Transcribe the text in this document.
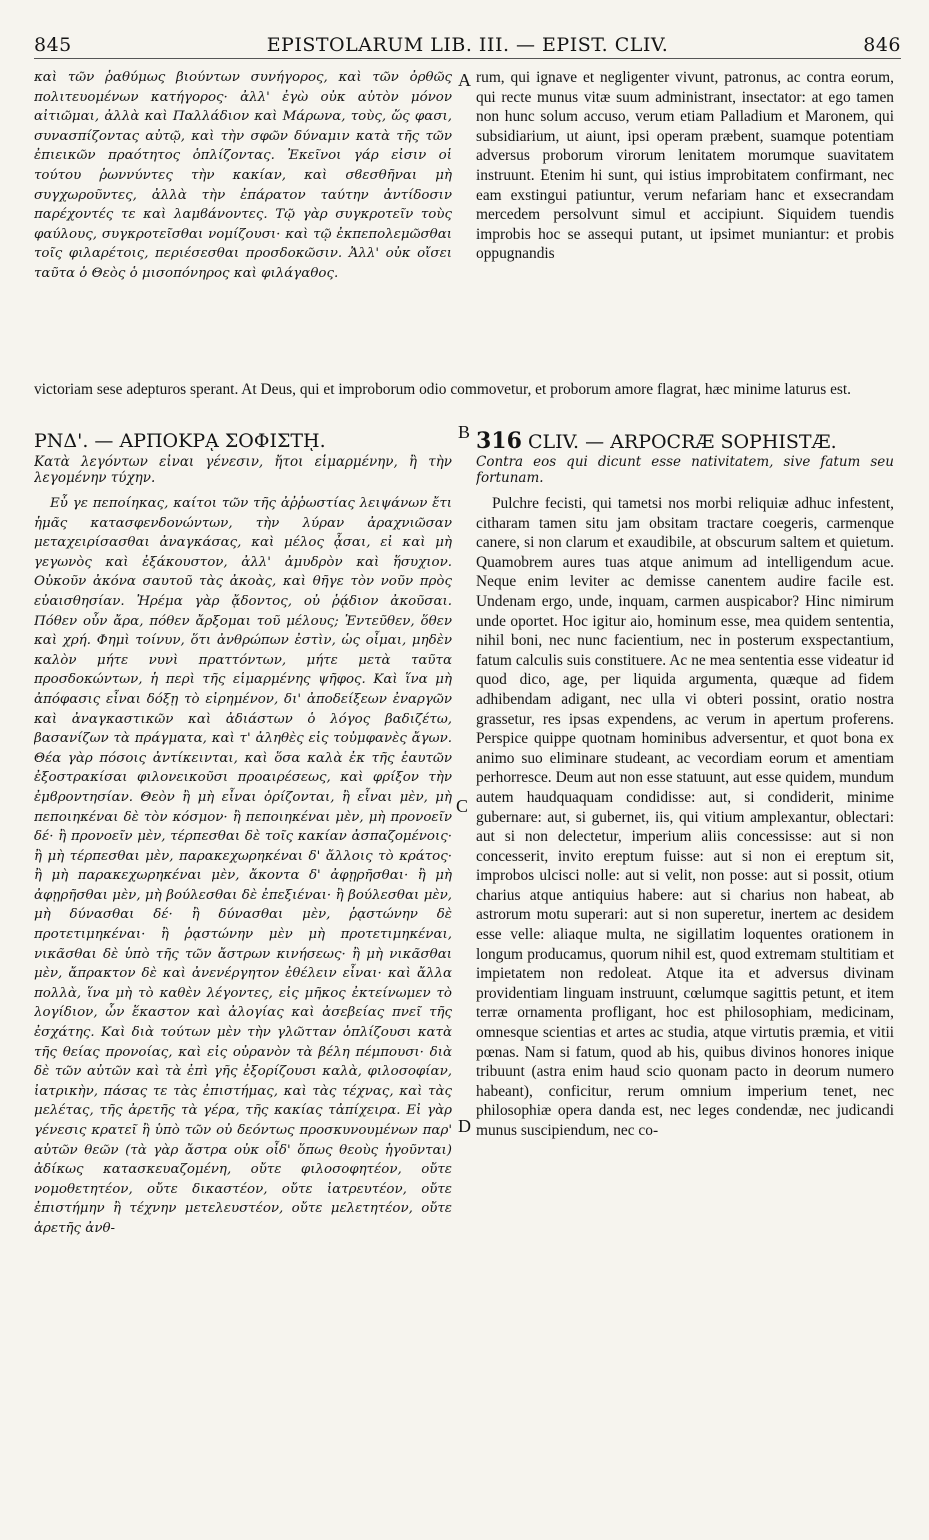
845	EPISTOLARUM LIB. III. — EPIST. CLIV.	846

καὶ τῶν ῥαθύμως βιούντων συνήγορος, καὶ τῶν ὀρθῶς πολιτευομένων κατήγορος· ἀλλ' ἐγὼ οὐκ αὐτὸν μόνον αἰτιῶμαι, ἀλλὰ καὶ Παλλάδιον καὶ Μάρωνα, τοὺς, ὥς φασι, συνασπίζοντας αὐτῷ, καὶ τὴν σφῶν δύναμιν κατὰ τῆς τῶν ἐπιεικῶν πραότητος ὁπλίζοντας. Ἐκεῖνοι γάρ εἰσιν οἱ τούτου ῥωννύντες τὴν κακίαν, καὶ σϐεσθῆναι μὴ συγχωροῦντες, ἀλλὰ τὴν ἐπάρατον ταύτην ἀντίδοσιν παρέχοντές τε καὶ λαμϐάνοντες. Τῷ γὰρ συγκροτεῖν τοὺς φαύλους, συγκροτεῖσθαι νομίζουσι· καὶ τῷ ἐκπεπολεμῶσθαι τοῖς φιλαρέτοις, περιέσεσθαι προσδοκῶσιν. Ἀλλ' οὐκ οἴσει ταῦτα ὁ Θεὸς ὁ μισοπόνηρος καὶ φιλάγαθος.

rum, qui ignave et negligenter vivunt, patronus, ac contra eorum, qui recte munus vitæ suum administrant, insectator: at ego tamen non hunc solum accuso, verum etiam Palladium et Maronem, qui subsidiarium, ut aiunt, ipsi operam præbent, suamque potentiam adversus proborum virorum lenitatem morumque suavitatem instruunt. Etenim hi sunt, qui istius improbitatem confirmant, nec eam exstingui patiuntur, verum nefariam hanc et exsecrandam mercedem persolvunt simul et accipiunt. Siquidem tuendis improbis hoc se assequi putant, ut ipsimet muniantur: et probis oppugnandis

victoriam sese adepturos sperant. At Deus, qui et improborum odio commovetur, et proborum amore flagrat, hæc minime laturus est.

ΡΝΔ'. — ΑΡΠΟΚΡᾼ ΣΟΦΙΣΤῌ.

Κατὰ λεγόντων εἶναι γένεσιν, ἤτοι εἱμαρμένην, ἢ τὴν λεγομένην τύχην.

316 CLIV. — ARPOCRÆ SOPHISTÆ.

Contra eos qui dicunt esse nativitatem, sive fatum seu fortunam.

Εὖ γε πεποίηκας, καίτοι τῶν τῆς ἀῤῥωστίας λειψάνων ἔτι ἡμᾶς κατασφενδονώντων, τὴν λύραν ἀραχνιῶσαν μεταχειρίσασθαι ἀναγκάσας, καὶ μέλος ᾆσαι, εἰ καὶ μὴ γεγωνὸς καὶ ἐξάκουστον, ἀλλ' ἀμυδρὸν καὶ ἥσυχιον. Οὐκοῦν ἀκόνα σαυτοῦ τὰς ἀκοὰς, καὶ θῆγε τὸν νοῦν πρὸς εὐαισθησίαν. Ἠρέμα γὰρ ᾄδοντος, οὐ ῥᾴδιον ἀκοῦσαι. Πόθεν οὖν ἄρα, πόθεν ἄρξομαι τοῦ μέλους; Ἐντεῦθεν, ὅθεν καὶ χρή. Φημὶ τοίνυν, ὅτι ἀνθρώπων ἐστὶν, ὡς οἶμαι, μηδὲν καλὸν μήτε νυνὶ πραττόντων, μήτε μετὰ ταῦτα προσδοκώντων, ἡ περὶ τῆς εἱμαρμένης ψῆφος. Καὶ ἵνα μὴ ἀπόφασις εἶναι δόξῃ τὸ εἰρημένον, δι' ἀποδείξεων ἐναργῶν καὶ ἀναγκαστικῶν καὶ ἀδιάστων ὁ λόγος βαδιζέτω, βασανίζων τὰ πράγματα, καὶ τ' ἀληθὲς εἰς τοὐμφανὲς ἄγων. Θέα γὰρ πόσοις ἀντίκεινται, καὶ ὅσα καλὰ ἐκ τῆς ἑαυτῶν ἐξοστρακίσαι φιλονεικοῦσι προαιρέσεως, καὶ φρίξον τὴν ἐμϐροντησίαν. Θεὸν ἢ μὴ εἶναι ὁρίζονται, ἢ εἶναι μὲν, μὴ πεποιηκέναι δὲ τὸν κόσμον· ἢ πεποιηκέναι μὲν, μὴ προνοεῖν δέ· ἢ προνοεῖν μὲν, τέρπεσθαι δὲ τοῖς κακίαν ἀσπαζομένοις· ἢ μὴ τέρπεσθαι μὲν, παρακεχωρηκέναι δ' ἄλλοις τὸ κράτος· ἢ μὴ παρακεχωρηκέναι μὲν, ἄκοντα δ' ἀφῃρῆσθαι· ἢ μὴ ἀφῃρῆσθαι μὲν, μὴ βούλεσθαι δὲ ἐπεξιέναι· ἢ βούλεσθαι μὲν, μὴ δύνασθαι δέ· ἢ δύνασθαι μὲν, ῥᾳστώνην δὲ προτετιμηκέναι· ἢ ῥᾳστώνην μὲν μὴ προτετιμηκέναι, νικᾶσθαι δὲ ὑπὸ τῆς τῶν ἄστρων κινήσεως· ἢ μὴ νικᾶσθαι μὲν, ἄπρακτον δὲ καὶ ἀνενέργητον ἐθέλειν εἶναι· καὶ ἄλλα πολλὰ, ἵνα μὴ τὸ καθὲν λέγοντες, εἰς μῆκος ἐκτείνωμεν τὸ λογίδιον, ὧν ἕκαστον καὶ ἀλογίας καὶ ἀσεβείας πνεῖ τῆς ἐσχάτης. Καὶ διὰ τούτων μὲν τὴν γλῶτταν ὁπλίζουσι κατὰ τῆς θείας προνοίας, καὶ εἰς οὐρανὸν τὰ βέλη πέμπουσι· διὰ δὲ τῶν αὐτῶν καὶ τὰ ἐπὶ γῆς ἐξορίζουσι καλὰ, φιλοσοφίαν, ἰατρικὴν, πάσας τε τὰς ἐπιστήμας, καὶ τὰς τέχνας, καὶ τὰς μελέτας, τῆς ἀρετῆς τὰ γέρα, τῆς κακίας τἀπίχειρα. Εἰ γὰρ γένεσις κρατεῖ ἢ ὑπὸ τῶν οὐ δεόντως προσκυνουμένων παρ' αὐτῶν θεῶν (τὰ γὰρ ἄστρα οὐκ οἶδ' ὅπως θεοὺς ἡγοῦνται) ἀδίκως κατασκευαζομένη, οὔτε φιλοσοφητέον, οὔτε νομοθετητέον, οὔτε δικαστέον, οὔτε ἰατρευτέον, οὔτε ἐπιστήμην ἢ τέχνην μετελευστέον, οὔτε μελετητέον, οὔτε ἀρετῆς ἀνθ-

Pulchre fecisti, qui tametsi nos morbi reliquiæ adhuc infestent, citharam tamen situ jam obsitam tractare coegeris, carmenque canere, si non clarum et exaudibile, at obscurum saltem et quietum. Quamobrem aures tuas atque animum ad intelligendum acue. Neque enim leviter ac demisse canentem audire facile est. Undenam ergo, unde, inquam, carmen auspicabor? Hinc nimirum unde oportet. Hoc igitur aio, hominum esse, mea quidem sententia, nihil boni, nec nunc facientium, nec in posterum exspectantium, fatum calculis suis constituere. Ac ne mea sententia esse videatur id quod dico, age, per liquida argumenta, quæque ad fidem adhibendam adigant, nec ulla vi obteri possint, oratio nostra grassetur, res ipsas expendens, ac verum in apertum proferens. Perspice quippe quotnam hominibus adversentur, et quot bona ex animo suo eliminare studeant, ac vecordiam eorum et amentiam perhorresce. Deum aut non esse statuunt, aut esse quidem, mundum autem haudquaquam condidisse: aut, si condiderit, minime gubernare: aut, si gubernet, iis, qui vitium amplexantur, oblectari: aut si non delectetur, imperium aliis concessisse: aut si non concesserit, invito ereptum fuisse: aut si non ei ereptum sit, improbos ulcisci nolle: aut si velit, non posse: aut si possit, otium charius atque antiquius habere: aut si charius non habeat, ab astrorum motu superari: aut si non superetur, inertem ac desidem esse velle: aliaque multa, ne sigillatim loquentes orationem in longum producamus, quorum nihil est, quod extremam stultitiam et impietatem non redoleat. Atque ita et adversus divinam providentiam linguam instruunt, cœlumque sagittis petunt, et item terræ ornamenta profligant, hoc est philosophiam, medicinam, omnesque scientias et artes ac studia, atque virtutis præmia, et vitii pœnas. Nam si fatum, quod ab his, quibus divinos honores inique tribuunt (astra enim haud scio quonam pacto in deorum numero habeant), conficitur, rerum omnium imperium tenet, nec philosophiæ opera danda est, nec leges condendæ, nec judicandi munus suscipiendum, nec co-

A
B
C
D
